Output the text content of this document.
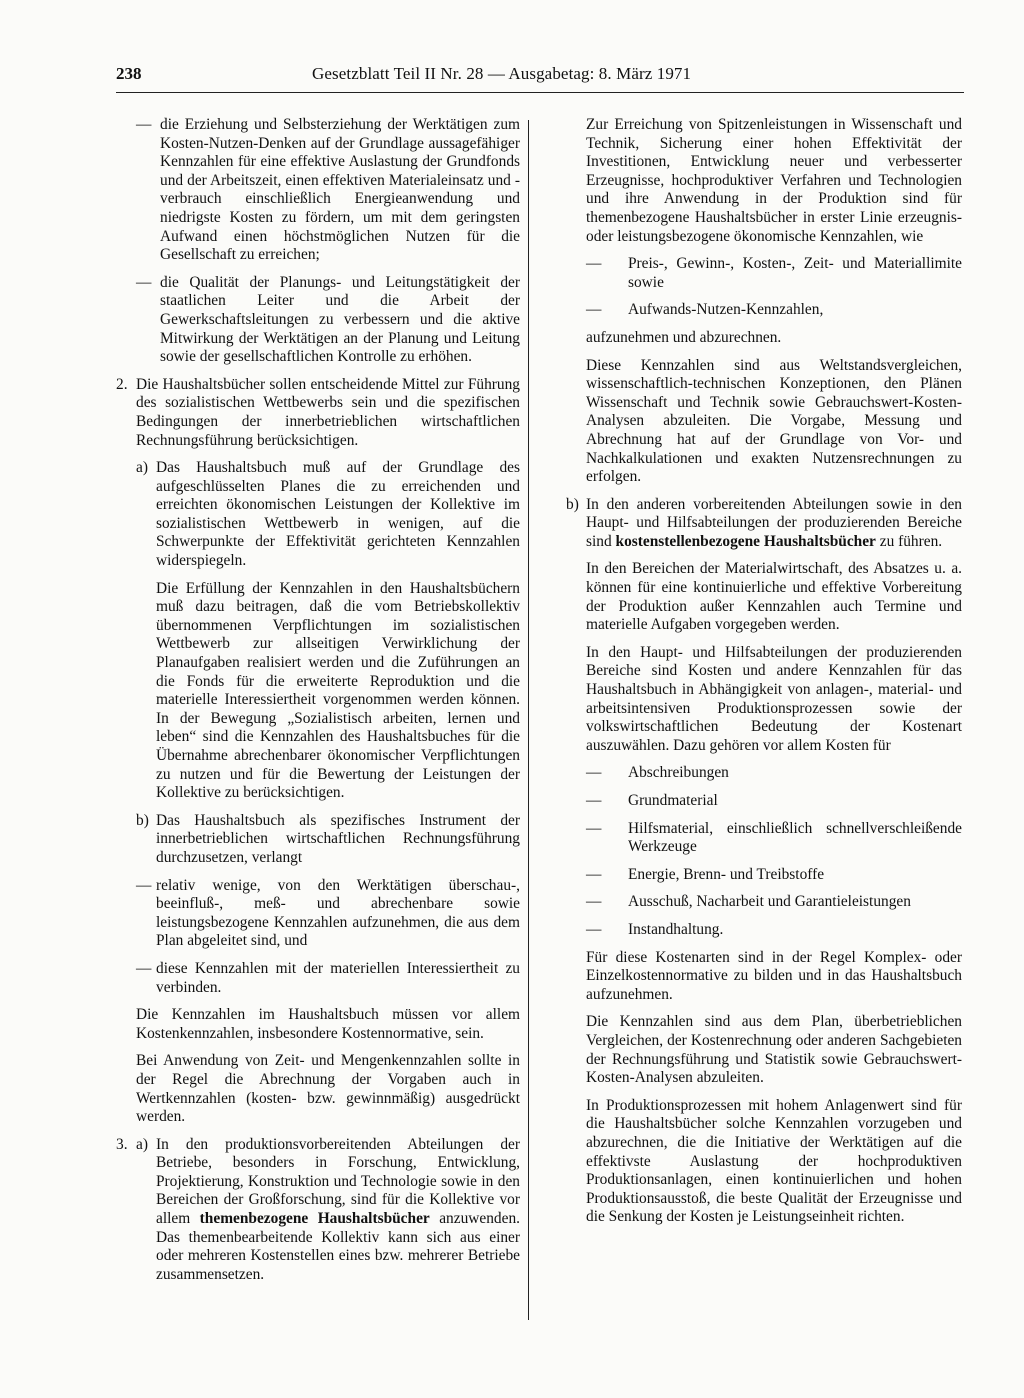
238	Gesetzblatt Teil II Nr. 28 — Ausgabetag: 8. März 1971
— die Erziehung und Selbsterziehung der Werktätigen zum Kosten-Nutzen-Denken auf der Grundlage aussagefähiger Kennzahlen für eine effektive Auslastung der Grundfonds und der Arbeitszeit, einen effektiven Materialeinsatz und -verbrauch einschließlich Energieanwendung und niedrigste Kosten zu fördern, um mit dem geringsten Aufwand einen höchstmöglichen Nutzen für die Gesellschaft zu erreichen;
— die Qualität der Planungs- und Leitungstätigkeit der staatlichen Leiter und die Arbeit der Gewerkschaftsleitungen zu verbessern und die aktive Mitwirkung der Werktätigen an der Planung und Leitung sowie der gesellschaftlichen Kontrolle zu erhöhen.
2. Die Haushaltsbücher sollen entscheidende Mittel zur Führung des sozialistischen Wettbewerbs sein und die spezifischen Bedingungen der innerbetrieblichen wirtschaftlichen Rechnungsführung berücksichtigen.
a) Das Haushaltsbuch muß auf der Grundlage des aufgeschlüsselten Planes die zu erreichenden und erreichten ökonomischen Leistungen der Kollektive im sozialistischen Wettbewerb in wenigen, auf die Schwerpunkte der Effektivität gerichteten Kennzahlen widerspiegeln.

Die Erfüllung der Kennzahlen in den Haushaltsbüchern muß dazu beitragen, daß die vom Betriebskollektiv übernommenen Verpflichtungen im sozialistischen Wettbewerb zur allseitigen Verwirklichung der Planaufgaben realisiert werden und die Zuführungen an die Fonds für die erweiterte Reproduktion und die materielle Interessiertheit vorgenommen werden können. In der Bewegung „Sozialistisch arbeiten, lernen und leben“ sind die Kennzahlen des Haushaltsbuches für die Übernahme abrechenbarer ökonomischer Verpflichtungen zu nutzen und für die Bewertung der Leistungen der Kollektive zu berücksichtigen.

b) Das Haushaltsbuch als spezifisches Instrument der innerbetrieblichen wirtschaftlichen Rechnungsführung durchzusetzen, verlangt
— relativ wenige, von den Werktätigen überschau-, beeinfluß-, meß- und abrechenbare sowie leistungsbezogene Kennzahlen aufzunehmen, die aus dem Plan abgeleitet sind, und
— diese Kennzahlen mit der materiellen Interessiertheit zu verbinden.

Die Kennzahlen im Haushaltsbuch müssen vor allem Kostenkennzahlen, insbesondere Kostennormative, sein.

Bei Anwendung von Zeit- und Mengenkennzahlen sollte in der Regel die Abrechnung der Vorgaben auch in Wertkennzahlen (kosten- bzw. gewinnmäßig) ausgedrückt werden.

3. a) In den produktionsvorbereitenden Abteilungen der Betriebe, besonders in Forschung, Entwicklung, Projektierung, Konstruktion und Technologie sowie in den Bereichen der Großforschung, sind für die Kollektive vor allem themenbezogene Haushaltsbücher anzuwenden. Das themenbearbeitende Kollektiv kann sich aus einer oder mehreren Kostenstellen eines bzw. mehrerer Betriebe zusammensetzen.

Zur Erreichung von Spitzenleistungen in Wissenschaft und Technik, Sicherung einer hohen Effektivität der Investitionen, Entwicklung neuer und verbesserter Erzeugnisse, hochproduktiver Verfahren und Technologien und ihre Anwendung in der Produktion sind für themenbezogene Haushaltsbücher in erster Linie erzeugnis- oder leistungsbezogene ökonomische Kennzahlen, wie

—	Preis-, Gewinn-, Kosten-, Zeit- und Materiallimite sowie
—	Aufwands-Nutzen-Kennzahlen,

aufzunehmen und abzurechnen.

Diese Kennzahlen sind aus Weltstandsvergleichen, wissenschaftlich-technischen Konzeptionen, den Plänen Wissenschaft und Technik sowie Gebrauchswert-Kosten-Analysen abzuleiten. Die Vorgabe, Messung und Abrechnung hat auf der Grundlage von Vor- und Nachkalkulationen und exakten Nutzensrechnungen zu erfolgen.

b) In den anderen vorbereitenden Abteilungen sowie in den Haupt- und Hilfsabteilungen der produzierenden Bereiche sind kostenstellenbezogene Haushaltsbücher zu führen.

In den Bereichen der Materialwirtschaft, des Absatzes u. a. können für eine kontinuierliche und effektive Vorbereitung der Produktion außer Kennzahlen auch Termine und materielle Aufgaben vorgegeben werden.

In den Haupt- und Hilfsabteilungen der produzierenden Bereiche sind Kosten und andere Kennzahlen für das Haushaltsbuch in Abhängigkeit von anlagen-, material- und arbeitsintensiven Produktionsprozessen sowie der volkswirtschaftlichen Bedeutung der Kostenart auszuwählen. Dazu gehören vor allem Kosten für

—	Abschreibungen
—	Grundmaterial
—	Hilfsmaterial, einschließlich schnellverschleißende Werkzeuge
—	Energie, Brenn- und Treibstoffe
—	Ausschuß, Nacharbeit und Garantieleistungen
—	Instandhaltung.

Für diese Kostenarten sind in der Regel Komplex- oder Einzelkostennormative zu bilden und in das Haushaltsbuch aufzunehmen.

Die Kennzahlen sind aus dem Plan, überbetrieblichen Vergleichen, der Kostenrechnung oder anderen Sachgebieten der Rechnungsführung und Statistik sowie Gebrauchswert-Kosten-Analysen abzuleiten.

In Produktionsprozessen mit hohem Anlagenwert sind für die Haushaltsbücher solche Kennzahlen vorzugeben und abzurechnen, die die Initiative der Werktätigen auf die effektivste Auslastung der hochproduktiven Produktionsanlagen, einen kontinuierlichen und hohen Produktionsausstoß, die beste Qualität der Erzeugnisse und die Senkung der Kosten je Leistungseinheit richten.
